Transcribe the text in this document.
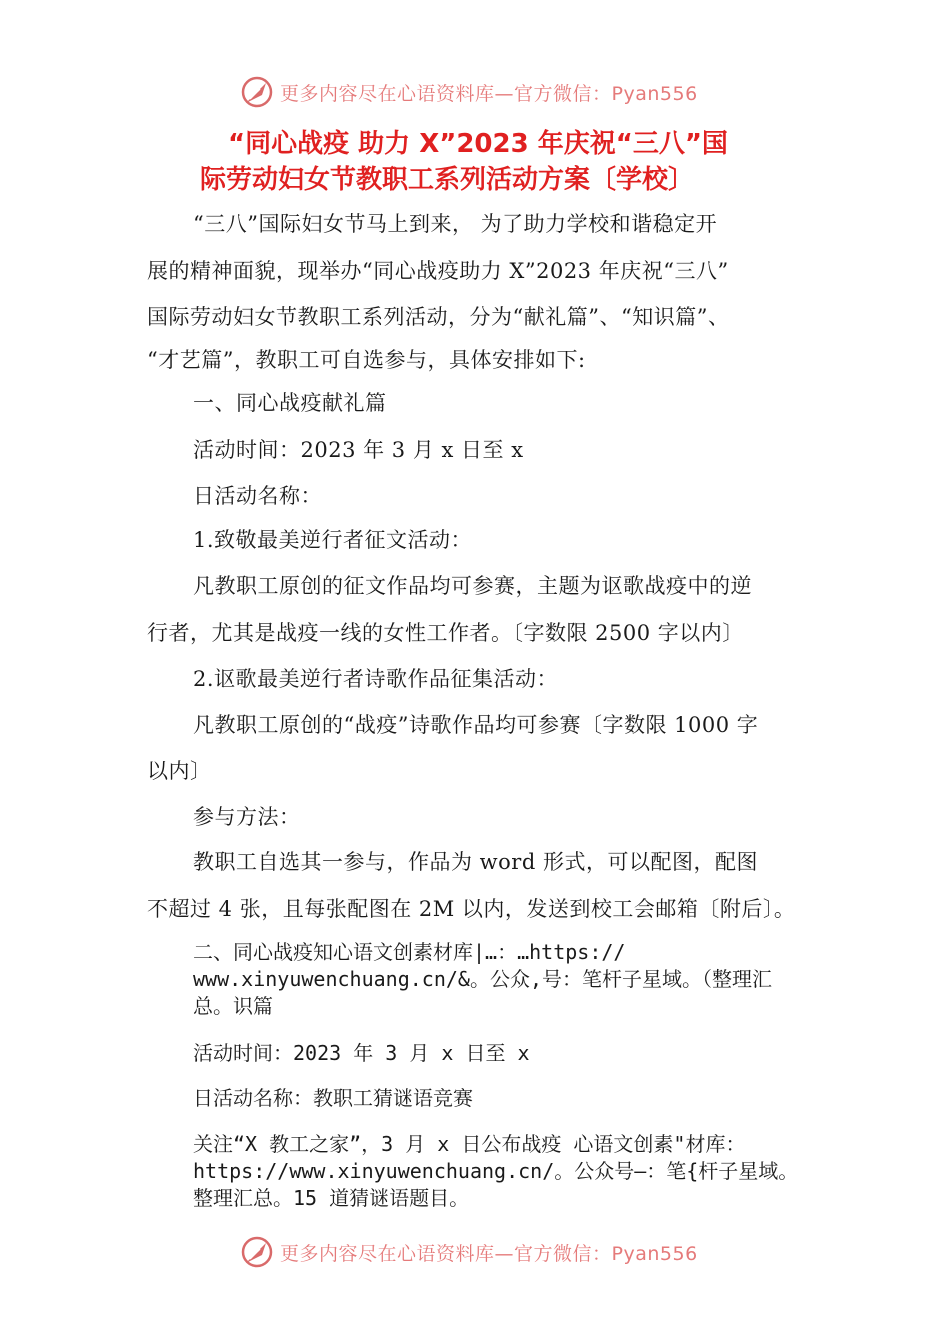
更多内容尽在心语资料库—官方微信：Pyan556
“同心战疫 助力 X”2023 年庆祝“三八”国
际劳动妇女节教职工系列活动方案〔学校〕
“三八”国际妇女节马上到来， 为了助力学校和谐稳定开
展的精神面貌，现举办“同心战疫助力 X”2023 年庆祝“三八”
国际劳动妇女节教职工系列活动，分为“献礼篇”、“知识篇”、
“才艺篇”，教职工可自选参与，具体安排如下:
一、同心战疫献礼篇
活动时间：2023 年 3 月 x 日至 x
日活动名称：
1.致敬最美逆行者征文活动：
凡教职工原创的征文作品均可参赛，主题为讴歌战疫中的逆
行者，尤其是战疫一线的女性工作者。〔字数限 2500 字以内〕
2.讴歌最美逆行者诗歌作品征集活动：
凡教职工原创的“战疫”诗歌作品均可参赛〔字数限 1000 字
以内〕
参与方法：
教职工自选其一参与，作品为 word 形式，可以配图，配图
不超过 4 张，且每张配图在 2M 以内，发送到校工会邮箱〔附后〕。
二、同心战疫知心语文创素材库|…：…https://
www.xinyuwenchuang.cn/&。公众,号：笔杆子星域。（整理汇
总。识篇
活动时间：2023 年 3 月 x 日至 x
日活动名称：教职工猜谜语竞赛
关注“X 教工之家”，3 月 x 日公布战疫 心语文创素"材库：
https://www.xinyuwenchuang.cn/。公众号—：笔{杆子星域。
整理汇总。15 道猜谜语题目。
更多内容尽在心语资料库—官方微信：Pyan556
